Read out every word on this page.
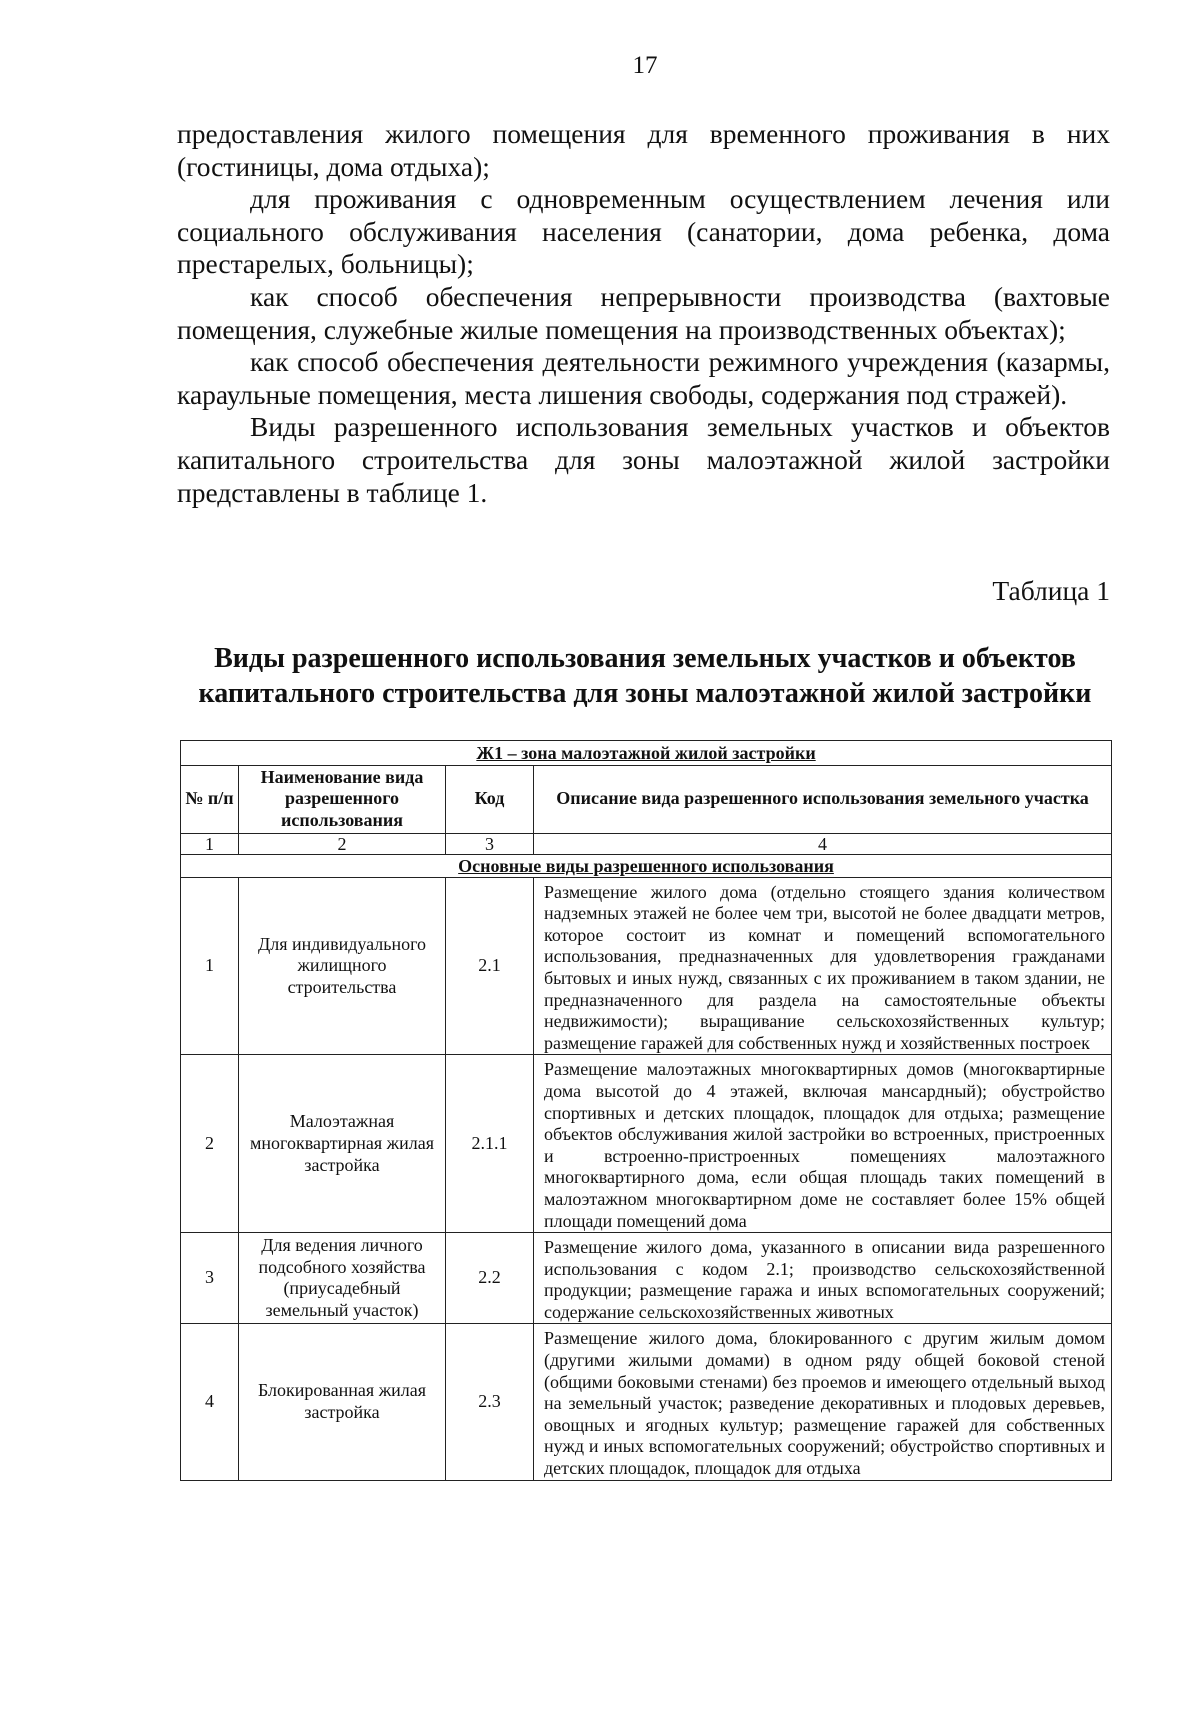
17

предоставления жилого помещения для временного проживания в них (гостиницы, дома отдыха);

для проживания с одновременным осуществлением лечения или социального обслуживания населения (санатории, дома ребенка, дома престарелых, больницы);

как способ обеспечения непрерывности производства (вахтовые помещения, служебные жилые помещения на производственных объектах);

как способ обеспечения деятельности режимного учреждения (казармы, караульные помещения, места лишения свободы, содержания под стражей).

Виды разрешенного использования земельных участков и объектов капитального строительства для зоны малоэтажной жилой застройки представлены в таблице 1.

Таблица 1
Виды разрешенного использования земельных участков и объектов
капитального строительства для зоны малоэтажной жилой застройки
Ж1 – зона малоэтажной жилой застройки			
№ п/п	Наименование вида разрешенного использования	Код	Описание вида разрешенного использования земельного участка
1	2	3	4
Основные виды разрешенного использования			
1	Для индивидуального жилищного строительства	2.1	Размещение жилого дома (отдельно стоящего здания количеством надземных этажей не более чем три, высотой не более двадцати метров, которое состоит из комнат и помещений вспомогательного использования, предназначенных для удовлетворения гражданами бытовых и иных нужд, связанных с их проживанием в таком здании, не предназначенного для раздела на самостоятельные объекты недвижимости); выращивание сельскохозяйственных культур; размещение гаражей для собственных нужд и хозяйственных построек
2	Малоэтажная многоквартирная жилая застройка	2.1.1	Размещение малоэтажных многоквартирных домов (многоквартирные дома высотой до 4 этажей, включая мансардный); обустройство спортивных и детских площадок, площадок для отдыха; размещение объектов обслуживания жилой застройки во встроенных, пристроенных и встроенно-пристроенных помещениях малоэтажного многоквартирного дома, если общая площадь таких помещений в малоэтажном многоквартирном доме не составляет более 15% общей площади помещений дома
3	Для ведения личного подсобного хозяйства (приусадебный земельный участок)	2.2	Размещение жилого дома, указанного в описании вида разрешенного использования с кодом 2.1; производство сельскохозяйственной продукции; размещение гаража и иных вспомогательных сооружений; содержание сельскохозяйственных животных
4	Блокированная жилая застройка	2.3	Размещение жилого дома, блокированного с другим жилым домом (другими жилыми домами) в одном ряду общей боковой стеной (общими боковыми стенами) без проемов и имеющего отдельный выход на земельный участок; разведение декоративных и плодовых деревьев, овощных и ягодных культур; размещение гаражей для собственных нужд и иных вспомогательных сооружений; обустройство спортивных и детских площадок, площадок для отдыха
